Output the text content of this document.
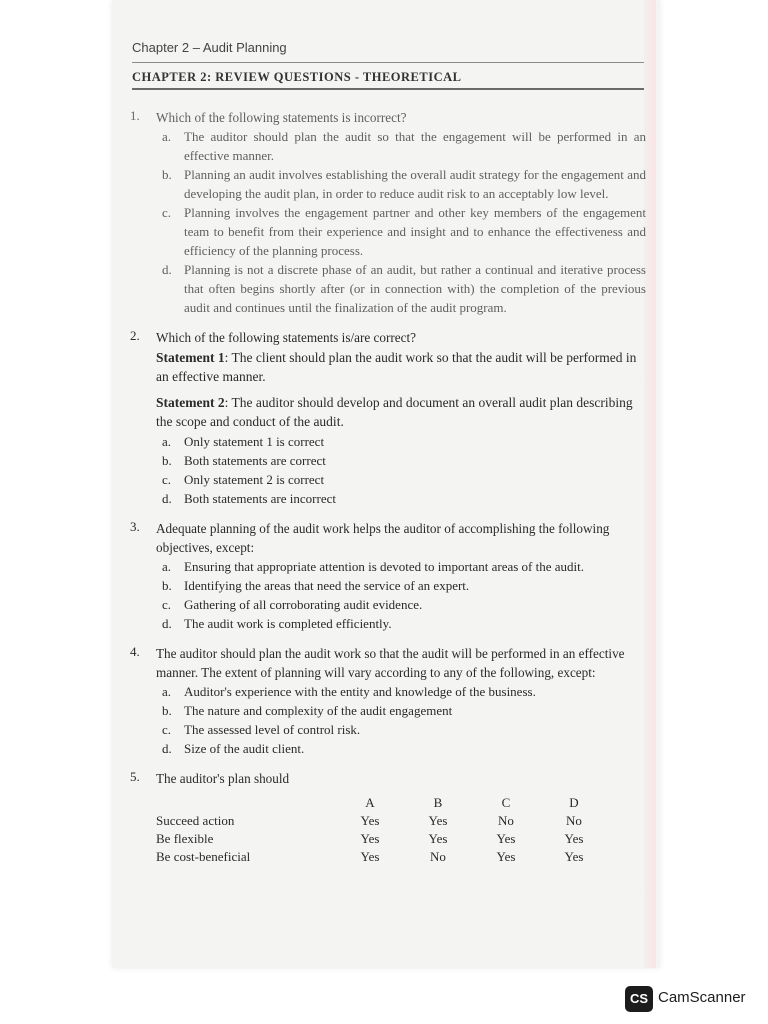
Chapter 2 – Audit Planning
CHAPTER 2: REVIEW QUESTIONS - THEORETICAL
1. Which of the following statements is incorrect?
a. The auditor should plan the audit so that the engagement will be performed in an effective manner.
b. Planning an audit involves establishing the overall audit strategy for the engagement and developing the audit plan, in order to reduce audit risk to an acceptably low level.
c. Planning involves the engagement partner and other key members of the engagement team to benefit from their experience and insight and to enhance the effectiveness and efficiency of the planning process.
d. Planning is not a discrete phase of an audit, but rather a continual and iterative process that often begins shortly after (or in connection with) the completion of the previous audit and continues until the finalization of the audit program.
2. Which of the following statements is/are correct?
Statement 1: The client should plan the audit work so that the audit will be performed in an effective manner.
Statement 2: The auditor should develop and document an overall audit plan describing the scope and conduct of the audit.
a. Only statement 1 is correct
b. Both statements are correct
c. Only statement 2 is correct
d. Both statements are incorrect
3. Adequate planning of the audit work helps the auditor of accomplishing the following objectives, except:
a. Ensuring that appropriate attention is devoted to important areas of the audit.
b. Identifying the areas that need the service of an expert.
c. Gathering of all corroborating audit evidence.
d. The audit work is completed efficiently.
4. The auditor should plan the audit work so that the audit will be performed in an effective manner. The extent of planning will vary according to any of the following, except:
a. Auditor's experience with the entity and knowledge of the business.
b. The nature and complexity of the audit engagement
c. The assessed level of control risk.
d. Size of the audit client.
5. The auditor's plan should
	A	B	C	D
Succeed action	Yes	Yes	No	No
Be flexible	Yes	Yes	Yes	Yes
Be cost-beneficial	Yes	No	Yes	Yes
CS CamScanner
